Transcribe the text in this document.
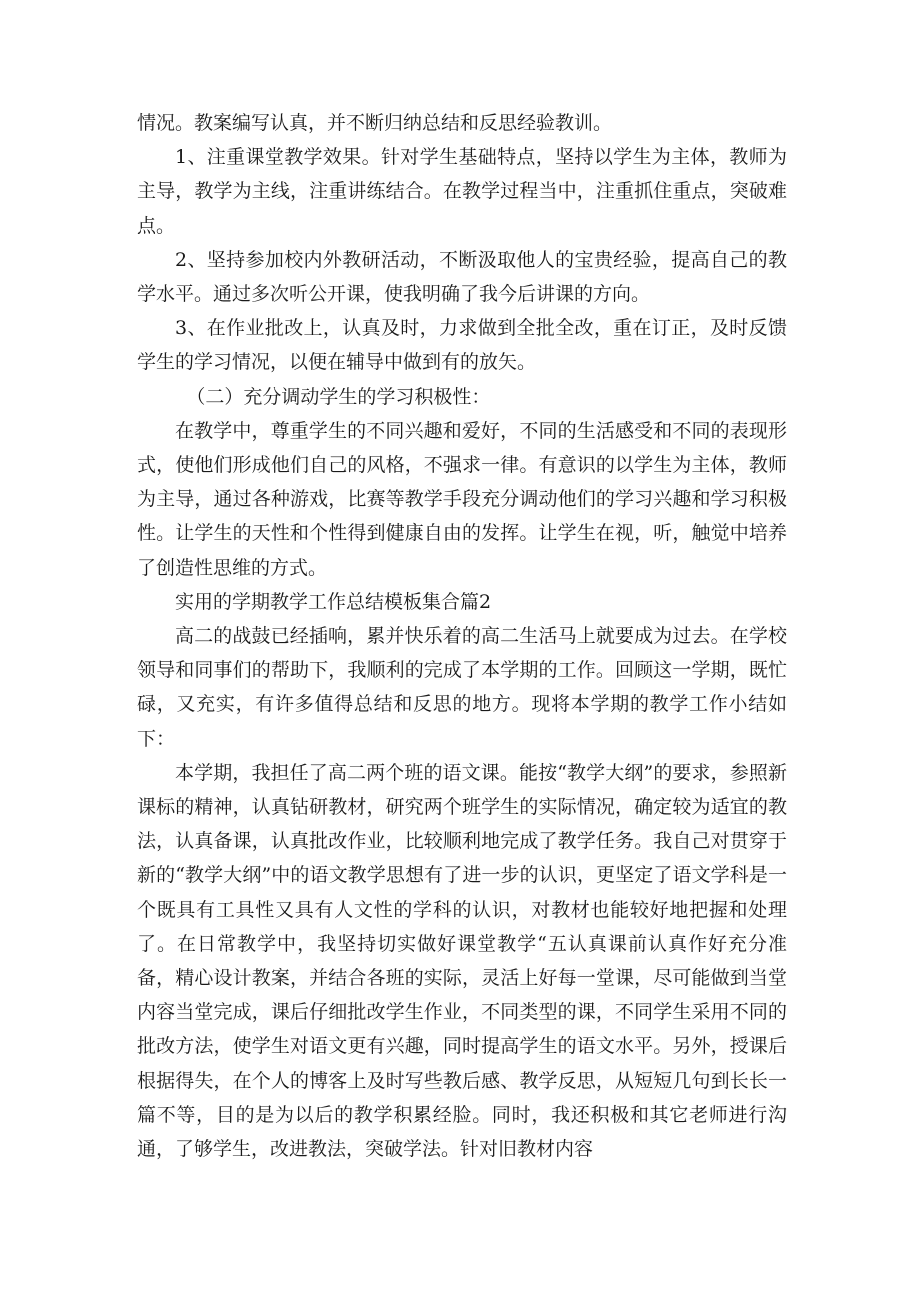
情况。教案编写认真，并不断归纳总结和反思经验教训。

1、注重课堂教学效果。针对学生基础特点，坚持以学生为主体，教师为主导，教学为主线，注重讲练结合。在教学过程当中，注重抓住重点，突破难点。

2、坚持参加校内外教研活动，不断汲取他人的宝贵经验，提高自己的教学水平。通过多次听公开课，使我明确了我今后讲课的方向。

3、在作业批改上，认真及时，力求做到全批全改，重在订正，及时反馈学生的学习情况，以便在辅导中做到有的放矢。

（二）充分调动学生的学习积极性：

在教学中，尊重学生的不同兴趣和爱好，不同的生活感受和不同的表现形式，使他们形成他们自己的风格，不强求一律。有意识的以学生为主体，教师为主导，通过各种游戏，比赛等教学手段充分调动他们的学习兴趣和学习积极性。让学生的天性和个性得到健康自由的发挥。让学生在视，听，触觉中培养了创造性思维的方式。

实用的学期教学工作总结模板集合篇2

高二的战鼓已经插响，累并快乐着的高二生活马上就要成为过去。在学校领导和同事们的帮助下，我顺利的完成了本学期的工作。回顾这一学期，既忙碌，又充实，有许多值得总结和反思的地方。现将本学期的教学工作小结如下：

本学期，我担任了高二两个班的语文课。能按“教学大纲”的要求，参照新课标的精神，认真钻研教材，研究两个班学生的实际情况，确定较为适宜的教法，认真备课，认真批改作业，比较顺利地完成了教学任务。我自己对贯穿于新的“教学大纲”中的语文教学思想有了进一步的认识，更坚定了语文学科是一个既具有工具性又具有人文性的学科的认识，对教材也能较好地把握和处理了。在日常教学中，我坚持切实做好课堂教学“五认真课前认真作好充分准备，精心设计教案，并结合各班的实际，灵活上好每一堂课，尽可能做到当堂内容当堂完成，课后仔细批改学生作业，不同类型的课，不同学生采用不同的批改方法，使学生对语文更有兴趣，同时提高学生的语文水平。另外，授课后根据得失，在个人的博客上及时写些教后感、教学反思，从短短几句到长长一篇不等，目的是为以后的教学积累经脸。同时，我还积极和其它老师进行沟通，了够学生，改进教法，突破学法。针对旧教材内容
